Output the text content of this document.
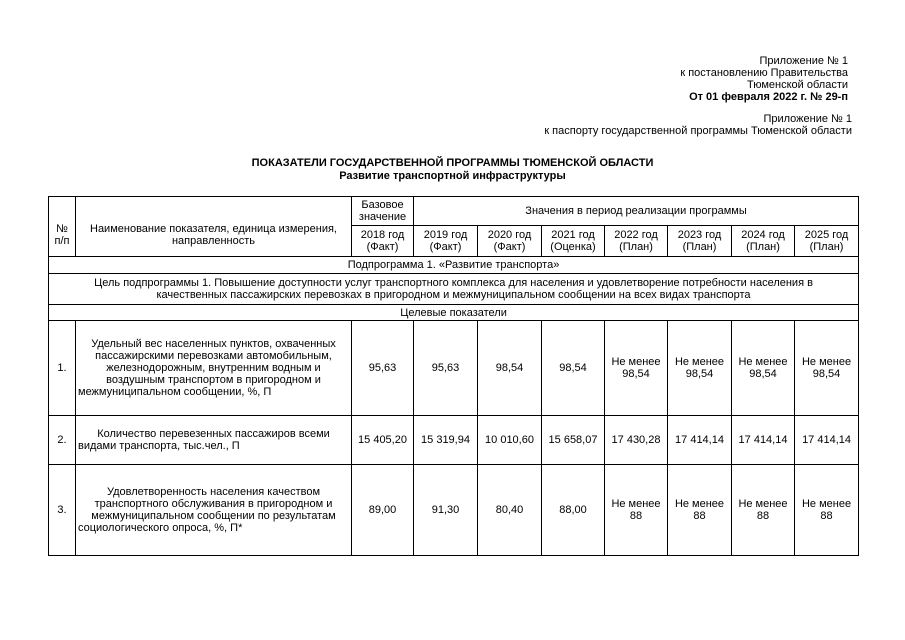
Приложение № 1
к постановлению Правительства
Тюменской области
От 01 февраля 2022 г. № 29-п
Приложение № 1
к паспорту государственной программы Тюменской области
ПОКАЗАТЕЛИ ГОСУДАРСТВЕННОЙ ПРОГРАММЫ ТЮМЕНСКОЙ ОБЛАСТИ
Развитие транспортной инфраструктуры
№ п/п	Наименование показателя, единица измерения, направленность	Базовое значение	Значения в период реализации программы						
		2018 год (Факт)	2019 год (Факт)	2020 год (Факт)	2021 год (Оценка)	2022 год (План)	2023 год (План)	2024 год (План)	2025 год (План)
Подпрограмма 1. «Развитие транспорта»									
Цель подпрограммы 1. Повышение доступности услуг транспортного комплекса для населения и удовлетворение потребности населения в качественных пассажирских перевозках в пригородном и межмуниципальном сообщении на всех видах транспорта									
Целевые показатели									
1.	Удельный вес населенных пунктов, охваченных пассажирскими перевозками автомобильным, железнодорожным, внутренним водным и воздушным транспортом в пригородном и межмуниципальном сообщении, %, П	95,63	95,63	98,54	98,54	Не менее 98,54	Не менее 98,54	Не менее 98,54	Не менее 98,54
2.	Количество перевезенных пассажиров всеми видами транспорта, тыс.чел., П	15 405,20	15 319,94	10 010,60	15 658,07	17 430,28	17 414,14	17 414,14	17 414,14
3.	Удовлетворенность населения качеством транспортного обслуживания в пригородном и межмуниципальном сообщении по результатам социологического опроса, %, П*	89,00	91,30	80,40	88,00	Не менее 88	Не менее 88	Не менее 88	Не менее 88
